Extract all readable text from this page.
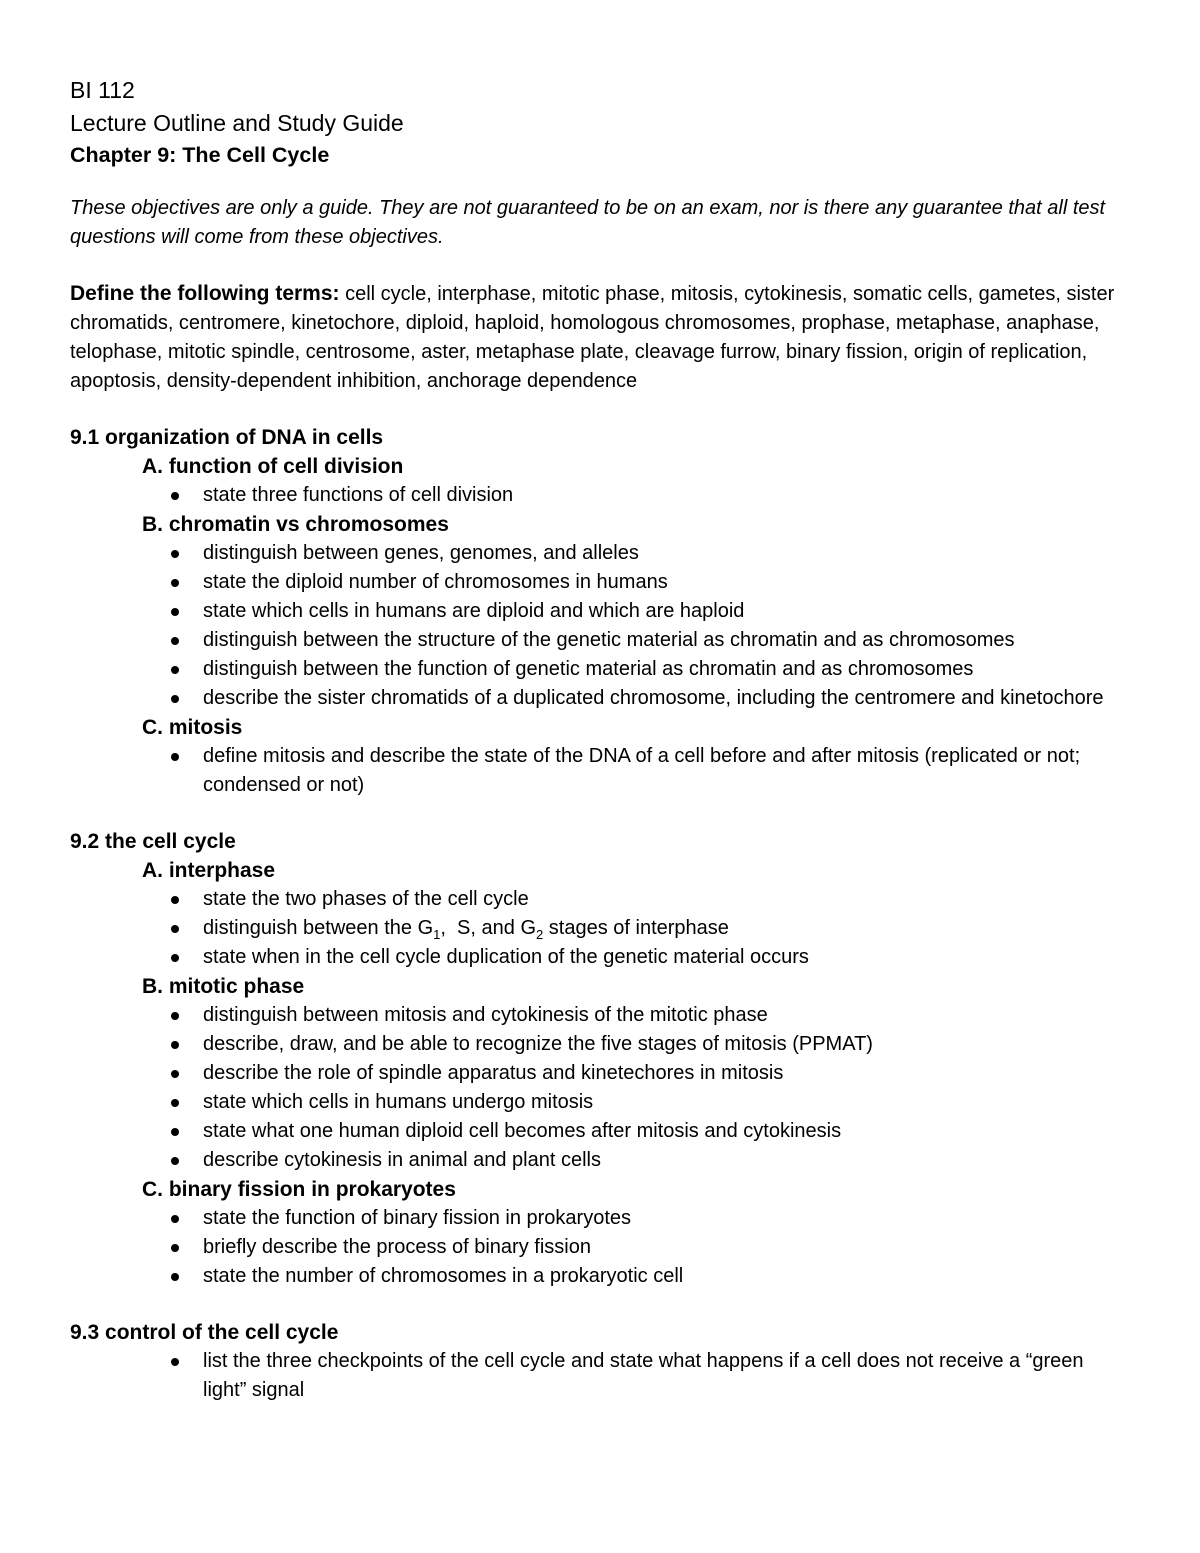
BI 112
Lecture Outline and Study Guide
Chapter 9: The Cell Cycle
These objectives are only a guide. They are not guaranteed to be on an exam, nor is there any guarantee that all test questions will come from these objectives.
Define the following terms: cell cycle, interphase, mitotic phase, mitosis, cytokinesis, somatic cells, gametes, sister chromatids, centromere, kinetochore, diploid, haploid, homologous chromosomes, prophase, metaphase, anaphase, telophase, mitotic spindle, centrosome, aster, metaphase plate, cleavage furrow, binary fission, origin of replication, apoptosis, density-dependent inhibition, anchorage dependence
9.1 organization of DNA in cells
A. function of cell division
state three functions of cell division
B. chromatin vs chromosomes
distinguish between genes, genomes, and alleles
state the diploid number of chromosomes in humans
state which cells in humans are diploid and which are haploid
distinguish between the structure of the genetic material as chromatin and as chromosomes
distinguish between the function of genetic material as chromatin and as chromosomes
describe the sister chromatids of a duplicated chromosome, including the centromere and kinetochore
C. mitosis
define mitosis and describe the state of the DNA of a cell before and after mitosis (replicated or not; condensed or not)
9.2 the cell cycle
A. interphase
state the two phases of the cell cycle
distinguish between the $G_1$,  S, and $G_2$ stages of interphase
state when in the cell cycle duplication of the genetic material occurs
B. mitotic phase
distinguish between mitosis and cytokinesis of the mitotic phase
describe, draw, and be able to recognize the five stages of mitosis (PPMAT)
describe the role of spindle apparatus and kinetechores in mitosis
state which cells in humans undergo mitosis
state what one human diploid cell becomes after mitosis and cytokinesis
describe cytokinesis in animal and plant cells
C. binary fission in prokaryotes
state the function of binary fission in prokaryotes
briefly describe the process of binary fission
state the number of chromosomes in a prokaryotic cell
9.3 control of the cell cycle
list the three checkpoints of the cell cycle and state what happens if a cell does not receive a “green light” signal
